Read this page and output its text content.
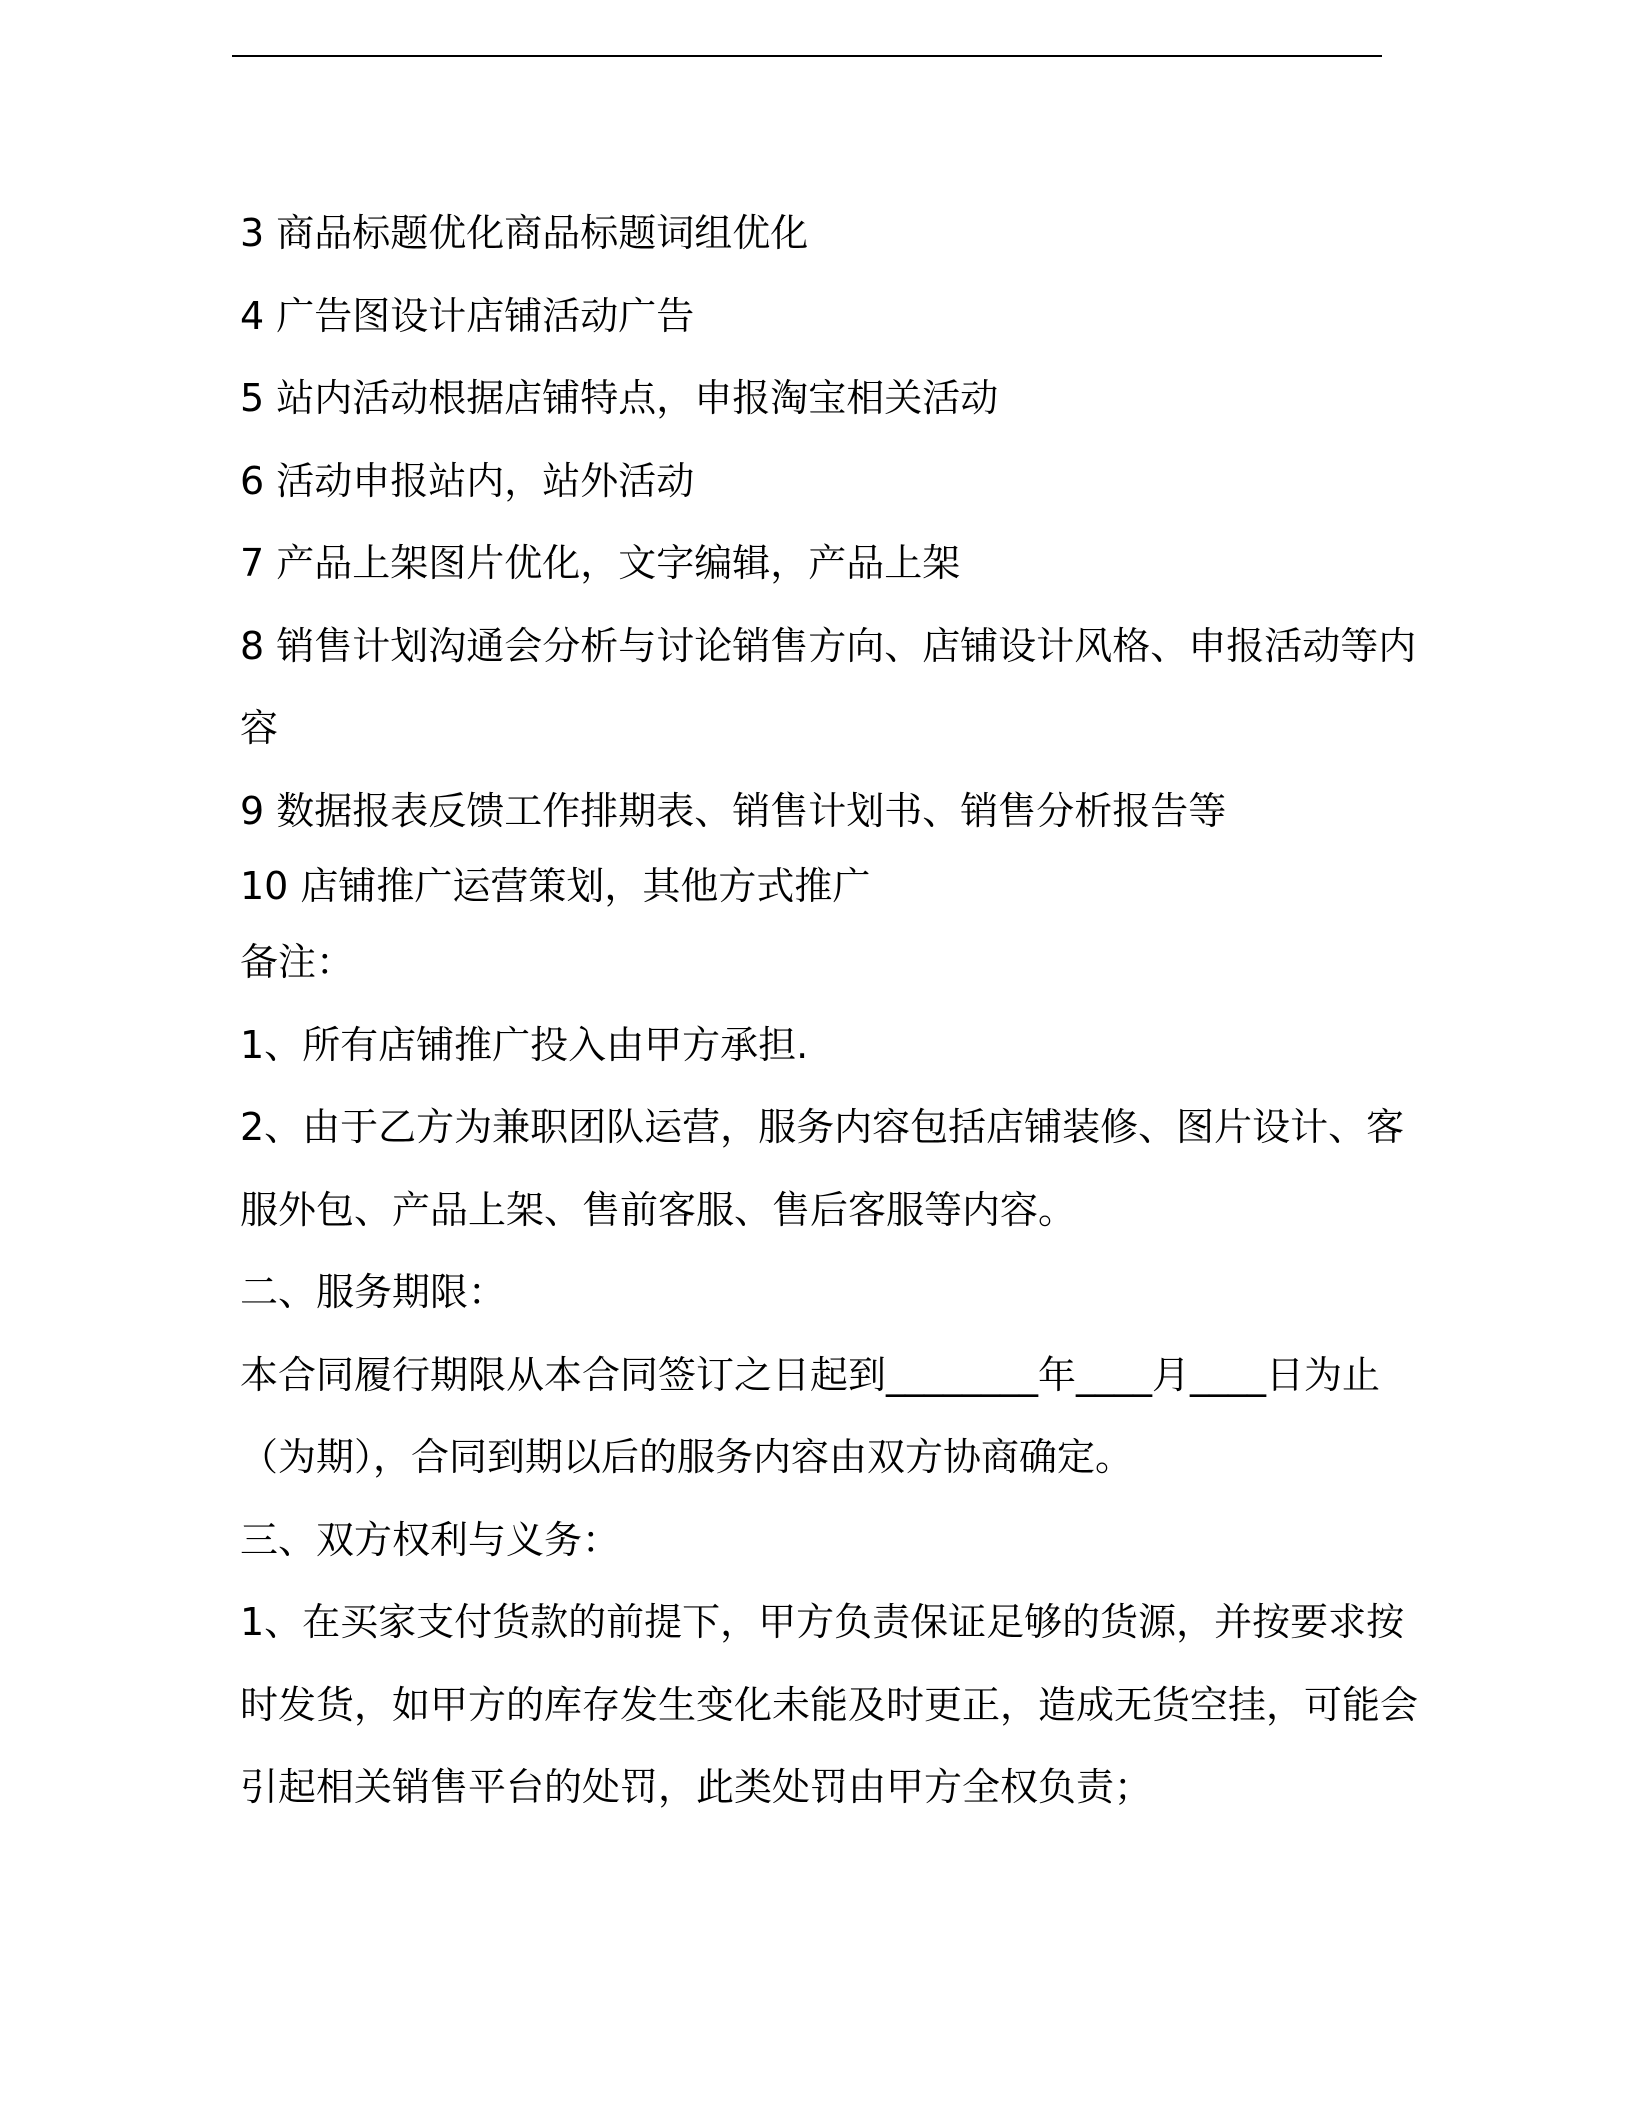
3 商品标题优化商品标题词组优化
4 广告图设计店铺活动广告
5 站内活动根据店铺特点，申报淘宝相关活动
6 活动申报站内，站外活动
7 产品上架图片优化，文字编辑，产品上架
8 销售计划沟通会分析与讨论销售方向、店铺设计风格、申报活动等内
容
9 数据报表反馈工作排期表、销售计划书、销售分析报告等
10 店铺推广运营策划，其他方式推广
备注：
1、所有店铺推广投入由甲方承担.
2、由于乙方为兼职团队运营，服务内容包括店铺装修、图片设计、客
服外包、产品上架、售前客服、售后客服等内容。
二、服务期限：
本合同履行期限从本合同签订之日起到________年____月____日为止
（为期），合同到期以后的服务内容由双方协商确定。
三、双方权利与义务：
1、在买家支付货款的前提下，甲方负责保证足够的货源，并按要求按
时发货，如甲方的库存发生变化未能及时更正，造成无货空挂，可能会
引起相关销售平台的处罚，此类处罚由甲方全权负责；
